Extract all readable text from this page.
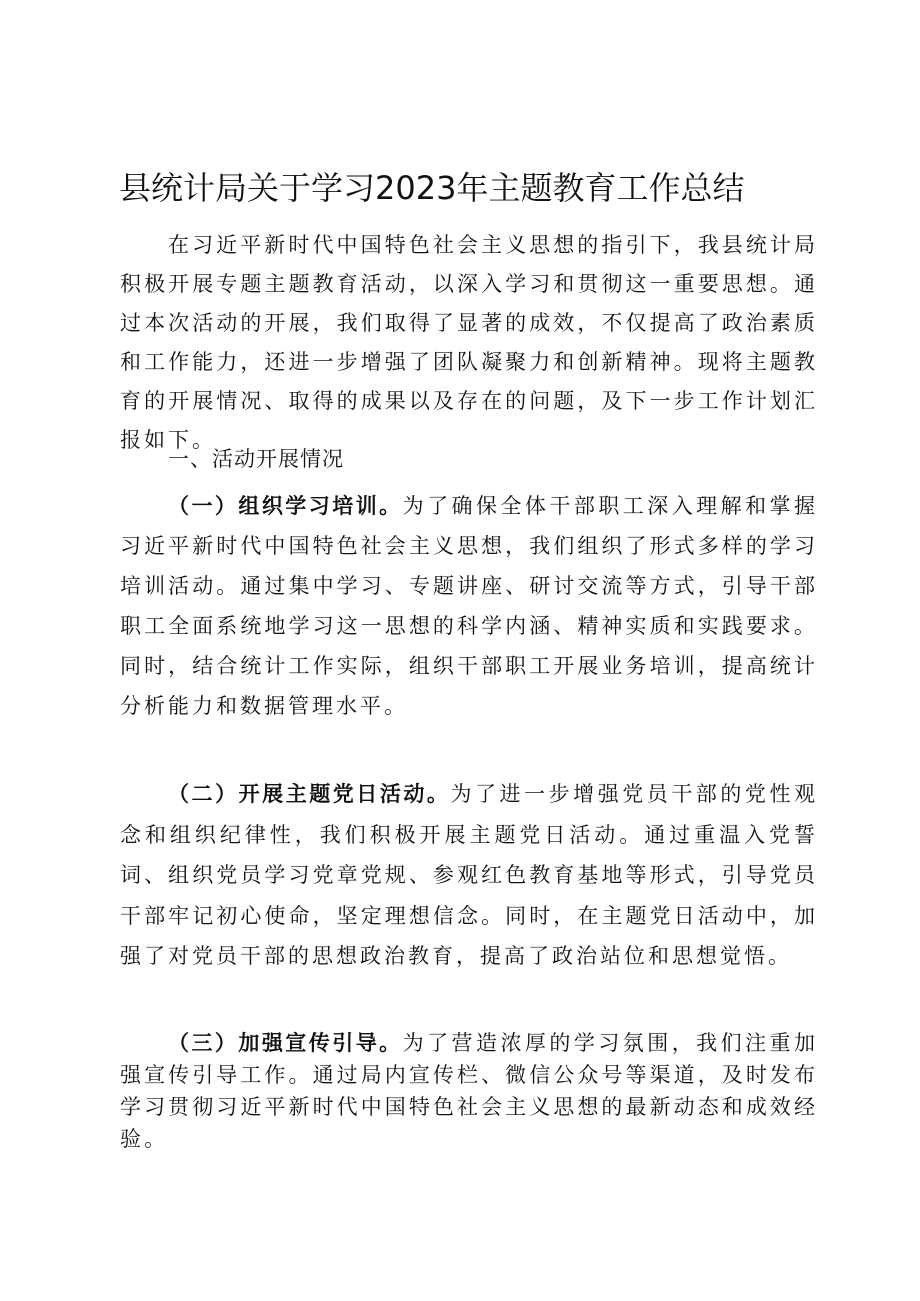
县统计局关于学习2023年主题教育工作总结

在习近平新时代中国特色社会主义思想的指引下，我县统计局积极开展专题主题教育活动，以深入学习和贯彻这一重要思想。通过本次活动的开展，我们取得了显著的成效，不仅提高了政治素质和工作能力，还进一步增强了团队凝聚力和创新精神。现将主题教育的开展情况、取得的成果以及存在的问题，及下一步工作计划汇报如下。

一、活动开展情况

（一）组织学习培训。为了确保全体干部职工深入理解和掌握习近平新时代中国特色社会主义思想，我们组织了形式多样的学习培训活动。通过集中学习、专题讲座、研讨交流等方式，引导干部职工全面系统地学习这一思想的科学内涵、精神实质和实践要求。同时，结合统计工作实际，组织干部职工开展业务培训，提高统计分析能力和数据管理水平。

（二）开展主题党日活动。为了进一步增强党员干部的党性观念和组织纪律性，我们积极开展主题党日活动。通过重温入党誓词、组织党员学习党章党规、参观红色教育基地等形式，引导党员干部牢记初心使命，坚定理想信念。同时，在主题党日活动中，加强了对党员干部的思想政治教育，提高了政治站位和思想觉悟。

（三）加强宣传引导。为了营造浓厚的学习氛围，我们注重加强宣传引导工作。通过局内宣传栏、微信公众号等渠道，及时发布学习贯彻习近平新时代中国特色社会主义思想的最新动态和成效经验。
